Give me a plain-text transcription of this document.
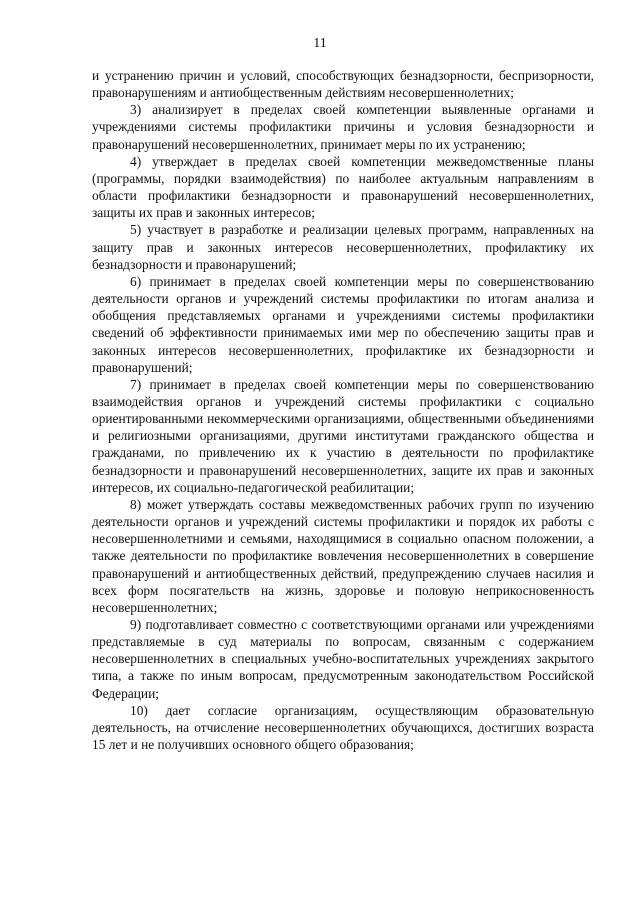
11

и устранению причин и условий, способствующих безнадзорности, беспризорности, правонарушениям и антиобщественным действиям несовершеннолетних;

3) анализирует в пределах своей компетенции выявленные органами и учреждениями системы профилактики причины и условия безнадзорности и правонарушений несовершеннолетних, принимает меры по их устранению;

4) утверждает в пределах своей компетенции межведомственные планы (программы, порядки взаимодействия) по наиболее актуальным направлениям в области профилактики безнадзорности и правонарушений несовершеннолетних, защиты их прав и законных интересов;

5) участвует в разработке и реализации целевых программ, направленных на защиту прав и законных интересов несовершеннолетних, профилактику их безнадзорности и правонарушений;

6) принимает в пределах своей компетенции меры по совершенствованию деятельности органов и учреждений системы профилактики по итогам анализа и обобщения представляемых органами и учреждениями системы профилактики сведений об эффективности принимаемых ими мер по обеспечению защиты прав и законных интересов несовершеннолетних, профилактике их безнадзорности и правонарушений;

7) принимает в пределах своей компетенции меры по совершенствованию взаимодействия органов и учреждений системы профилактики с социально ориентированными некоммерческими организациями, общественными объединениями и религиозными организациями, другими институтами гражданского общества и гражданами, по привлечению их к участию в деятельности по профилактике безнадзорности и правонарушений несовершеннолетних, защите их прав и законных интересов, их социально-педагогической реабилитации;

8) может утверждать составы межведомственных рабочих групп по изучению деятельности органов и учреждений системы профилактики и порядок их работы с несовершеннолетними и семьями, находящимися в социально опасном положении, а также деятельности по профилактике вовлечения несовершеннолетних в совершение правонарушений и антиобщественных действий, предупреждению случаев насилия и всех форм посягательств на жизнь, здоровье и половую неприкосновенность несовершеннолетних;

9) подготавливает совместно с соответствующими органами или учреждениями представляемые в суд материалы по вопросам, связанным с содержанием несовершеннолетних в специальных учебно-воспитательных учреждениях закрытого типа, а также по иным вопросам, предусмотренным законодательством Российской Федерации;

10) дает согласие организациям, осуществляющим образовательную деятельность, на отчисление несовершеннолетних обучающихся, достигших возраста 15 лет и не получивших основного общего образования;
